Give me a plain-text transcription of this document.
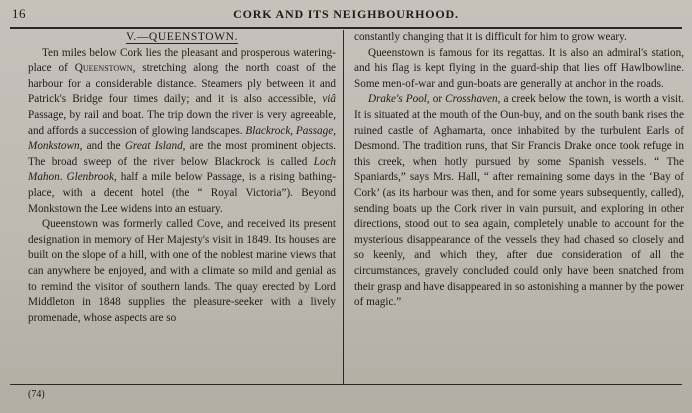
16	CORK AND ITS NEIGHBOURHOOD.

V.—QUEENSTOWN.

Ten miles below Cork lies the pleasant and prosperous watering-place of Queenstown, stretching along the north coast of the harbour for a considerable distance. Steamers ply between it and Patrick's Bridge four times daily; and it is also accessible, viâ Passage, by rail and boat. The trip down the river is very agreeable, and affords a succession of glowing landscapes. Blackrock, Passage, Monkstown, and the Great Island, are the most prominent objects. The broad sweep of the river below Blackrock is called Loch Mahon. Glenbrook, half a mile below Passage, is a rising bathing-place, with a decent hotel (the “ Royal Victoria”). Beyond Monkstown the Lee widens into an estuary.

Queenstown was formerly called Cove, and received its present designation in memory of Her Majesty's visit in 1849. Its houses are built on the slope of a hill, with one of the noblest marine views that can anywhere be enjoyed, and with a climate so mild and genial as to remind the visitor of southern lands. The quay erected by Lord Middleton in 1848 supplies the pleasure-seeker with a lively promenade, whose aspects are so

constantly changing that it is difficult for him to grow weary.

Queenstown is famous for its regattas. It is also an admiral's station, and his flag is kept flying in the guard-ship that lies off Hawlbowline. Some men-of-war and gun-boats are generally at anchor in the roads.

Drake's Pool, or Crosshaven, a creek below the town, is worth a visit. It is situated at the mouth of the Oun-buy, and on the south bank rises the ruined castle of Aghamarta, once inhabited by the turbulent Earls of Desmond. The tradition runs, that Sir Francis Drake once took refuge in this creek, when hotly pursued by some Spanish vessels. “ The Spaniards,” says Mrs. Hall, “ after remaining some days in the ‘Bay of Cork’ (as its harbour was then, and for some years subsequently, called), sending boats up the Cork river in vain pursuit, and exploring in other directions, stood out to sea again, completely unable to account for the mysterious disappearance of the vessels they had chased so closely and so keenly, and which they, after due consideration of all the circumstances, gravely concluded could only have been snatched from their grasp and have disappeared in so astonishing a manner by the power of magic.”

(74)
